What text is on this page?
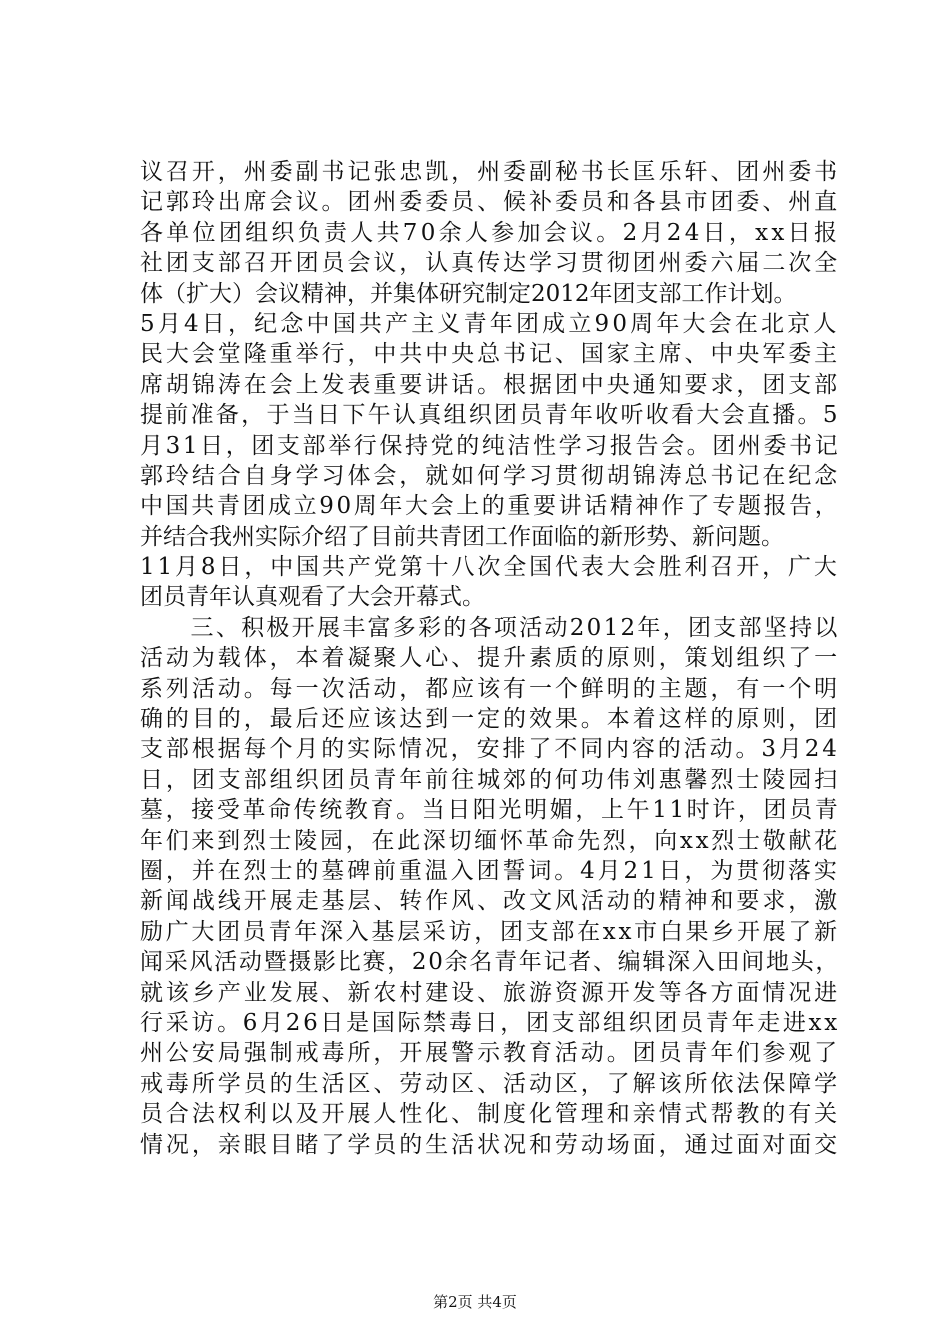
议召开，州委副书记张忠凯，州委副秘书长匡乐轩、团州委书
记郭玲出席会议。团州委委员、候补委员和各县市团委、州直
各单位团组织负责人共70余人参加会议。2月24日，xx日报
社团支部召开团员会议，认真传达学习贯彻团州委六届二次全
体（扩大）会议精神，并集体研究制定2012年团支部工作计划。
5月4日，纪念中国共产主义青年团成立90周年大会在北京人
民大会堂隆重举行，中共中央总书记、国家主席、中央军委主
席胡锦涛在会上发表重要讲话。根据团中央通知要求，团支部
提前准备，于当日下午认真组织团员青年收听收看大会直播。5
月31日，团支部举行保持党的纯洁性学习报告会。团州委书记
郭玲结合自身学习体会，就如何学习贯彻胡锦涛总书记在纪念
中国共青团成立90周年大会上的重要讲话精神作了专题报告，
并结合我州实际介绍了目前共青团工作面临的新形势、新问题。
11月8日，中国共产党第十八次全国代表大会胜利召开，广大
团员青年认真观看了大会开幕式。
　　三、积极开展丰富多彩的各项活动2012年，团支部坚持以
活动为载体，本着凝聚人心、提升素质的原则，策划组织了一
系列活动。每一次活动，都应该有一个鲜明的主题，有一个明
确的目的，最后还应该达到一定的效果。本着这样的原则，团
支部根据每个月的实际情况，安排了不同内容的活动。3月24
日，团支部组织团员青年前往城郊的何功伟刘惠馨烈士陵园扫
墓，接受革命传统教育。当日阳光明媚，上午11时许，团员青
年们来到烈士陵园，在此深切缅怀革命先烈，向xx烈士敬献花
圈，并在烈士的墓碑前重温入团誓词。4月21日，为贯彻落实
新闻战线开展走基层、转作风、改文风活动的精神和要求，激
励广大团员青年深入基层采访，团支部在xx市白果乡开展了新
闻采风活动暨摄影比赛，20余名青年记者、编辑深入田间地头，
就该乡产业发展、新农村建设、旅游资源开发等各方面情况进
行采访。6月26日是国际禁毒日，团支部组织团员青年走进xx
州公安局强制戒毒所，开展警示教育活动。团员青年们参观了
戒毒所学员的生活区、劳动区、活动区，了解该所依法保障学
员合法权利以及开展人性化、制度化管理和亲情式帮教的有关
情况，亲眼目睹了学员的生活状况和劳动场面，通过面对面交
第2页 共4页
